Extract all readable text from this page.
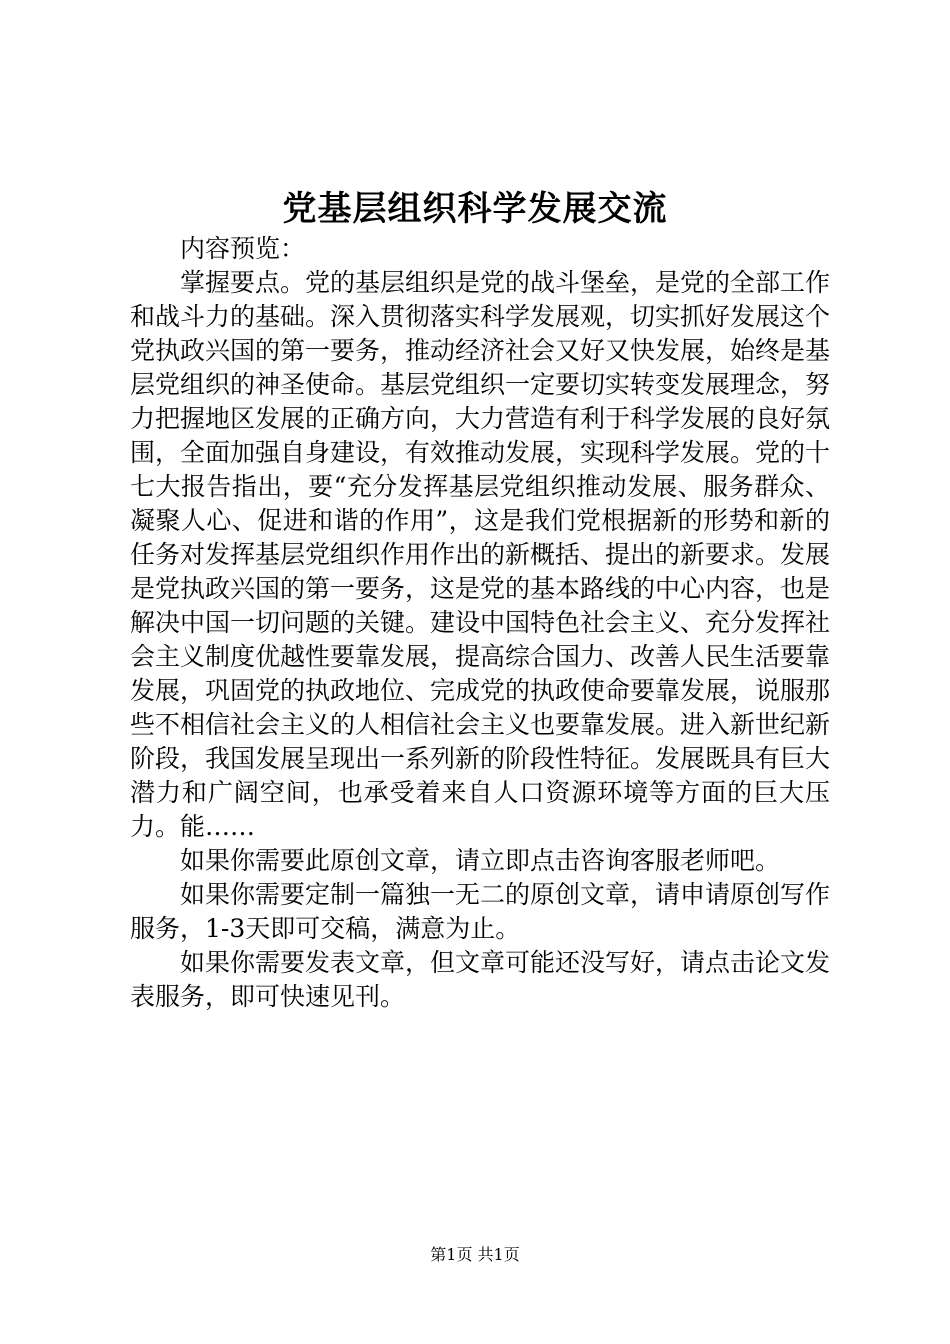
党基层组织科学发展交流

内容预览：

掌握要点。党的基层组织是党的战斗堡垒，是党的全部工作和战斗力的基础。深入贯彻落实科学发展观，切实抓好发展这个党执政兴国的第一要务，推动经济社会又好又快发展，始终是基层党组织的神圣使命。基层党组织一定要切实转变发展理念，努力把握地区发展的正确方向，大力营造有利于科学发展的良好氛围，全面加强自身建设，有效推动发展，实现科学发展。党的十七大报告指出，要“充分发挥基层党组织推动发展、服务群众、凝聚人心、促进和谐的作用”，这是我们党根据新的形势和新的任务对发挥基层党组织作用作出的新概括、提出的新要求。发展是党执政兴国的第一要务，这是党的基本路线的中心内容，也是解决中国一切问题的关键。建设中国特色社会主义、充分发挥社会主义制度优越性要靠发展，提高综合国力、改善人民生活要靠发展，巩固党的执政地位、完成党的执政使命要靠发展，说服那些不相信社会主义的人相信社会主义也要靠发展。进入新世纪新阶段，我国发展呈现出一系列新的阶段性特征。发展既具有巨大潜力和广阔空间，也承受着来自人口资源环境等方面的巨大压力。能……

如果你需要此原创文章，请立即点击咨询客服老师吧。

如果你需要定制一篇独一无二的原创文章，请申请原创写作服务，1-3天即可交稿，满意为止。

如果你需要发表文章，但文章可能还没写好，请点击论文发表服务，即可快速见刊。

第1页 共1页
